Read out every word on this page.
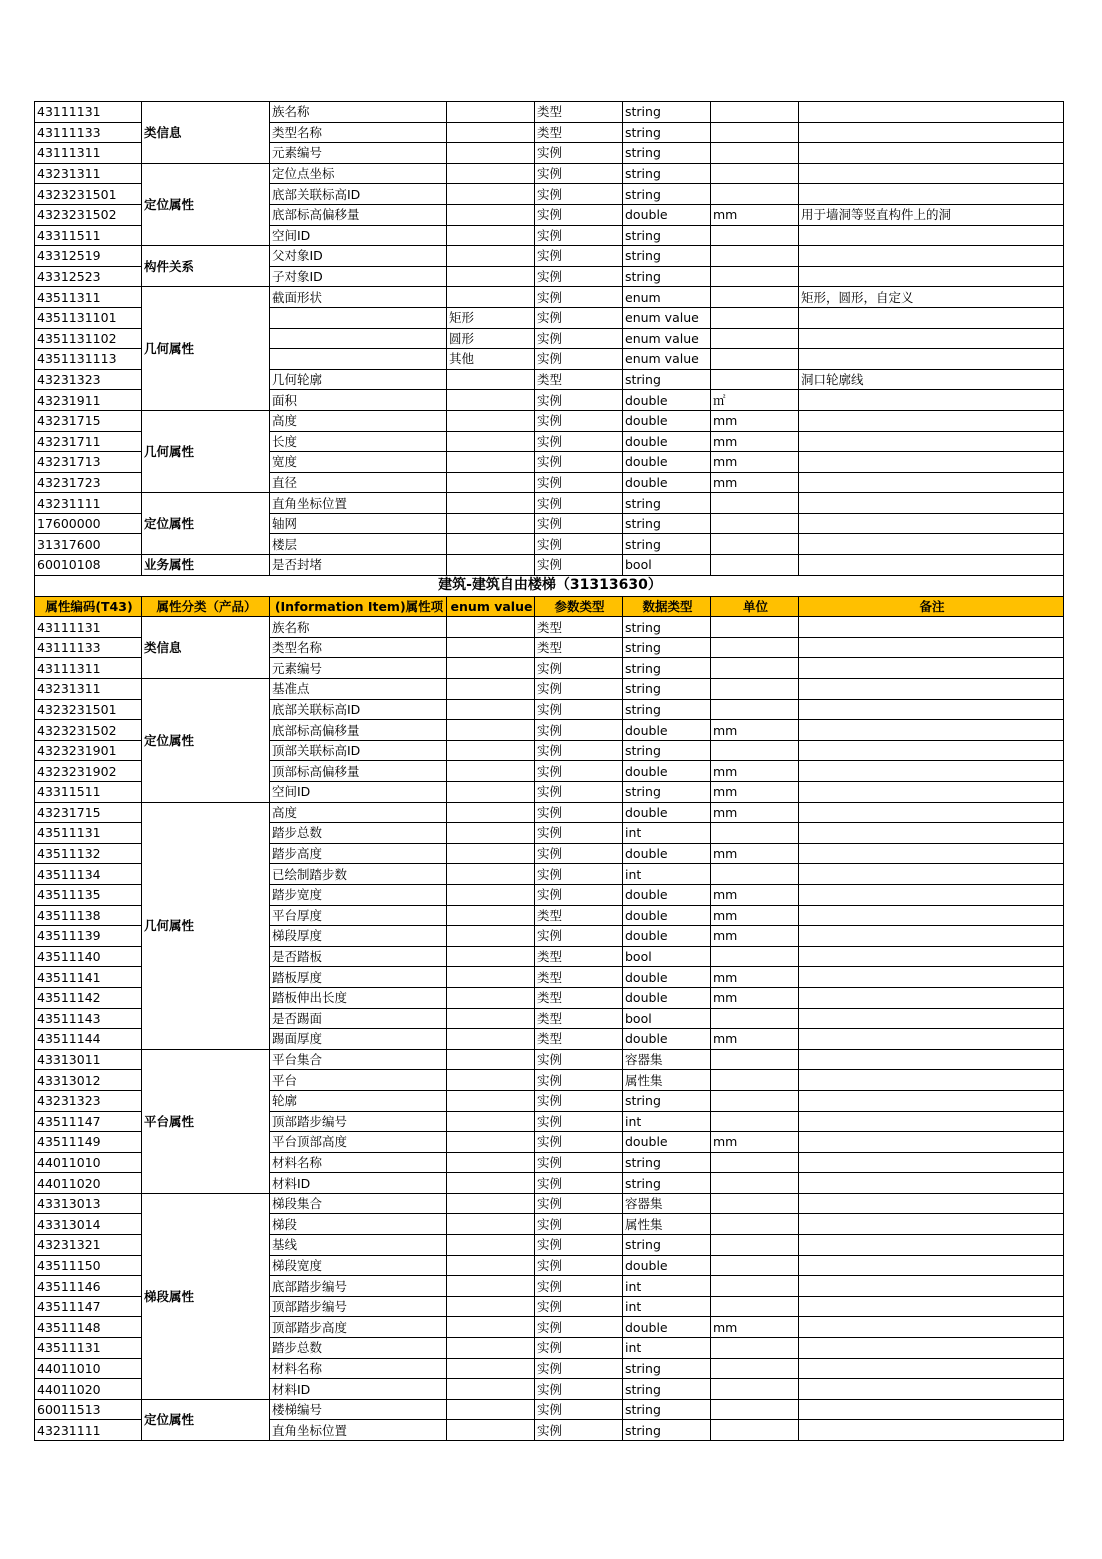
43111131	类信息	族名称		类型	string		
43111133		类型名称		类型	string		
43111311		元素编号		实例	string		
43231311	定位属性	定位点坐标		实例	string		
4323231501		底部关联标高ID		实例	string		
4323231502		底部标高偏移量		实例	double	mm	用于墙洞等竖直构件上的洞
43311511		空间ID		实例	string		
43312519	构件关系	父对象ID		实例	string		
43312523		子对象ID		实例	string		
43511311	几何属性	截面形状		实例	enum		矩形，圆形，自定义
4351131101			矩形	实例	enum value		
4351131102			圆形	实例	enum value		
4351131113			其他	实例	enum value		
43231323		几何轮廓		类型	string		洞口轮廓线
43231911		面积		实例	double	㎡	
43231715	几何属性	高度		实例	double	mm	
43231711		长度		实例	double	mm	
43231713		宽度		实例	double	mm	
43231723		直径		实例	double	mm	
43231111	定位属性	直角坐标位置		实例	string		
17600000		轴网		实例	string		
31317600		楼层		实例	string		
60010108	业务属性	是否封堵		实例	bool		
建筑-建筑自由楼梯（31313630）							
属性编码(T43)	属性分类（产品）	(Information Item)属性项	enum value	参数类型	数据类型	单位	备注
43111131	类信息	族名称		类型	string		
43111133		类型名称		类型	string		
43111311		元素编号		实例	string		
43231311	定位属性	基准点		实例	string		
4323231501		底部关联标高ID		实例	string		
4323231502		底部标高偏移量		实例	double	mm	
4323231901		顶部关联标高ID		实例	string		
4323231902		顶部标高偏移量		实例	double	mm	
43311511		空间ID		实例	string	mm	
43231715	几何属性	高度		实例	double	mm	
43511131		踏步总数		实例	int		
43511132		踏步高度		实例	double	mm	
43511134		已绘制踏步数		实例	int		
43511135		踏步宽度		实例	double	mm	
43511138		平台厚度		类型	double	mm	
43511139		梯段厚度		实例	double	mm	
43511140		是否踏板		类型	bool		
43511141		踏板厚度		类型	double	mm	
43511142		踏板伸出长度		类型	double	mm	
43511143		是否踢面		类型	bool		
43511144		踢面厚度		类型	double	mm	
43313011	平台属性	平台集合		实例	容器集		
43313012		平台		实例	属性集		
43231323		轮廓		实例	string		
43511147		顶部踏步编号		实例	int		
43511149		平台顶部高度		实例	double	mm	
44011010		材料名称		实例	string		
44011020		材料ID		实例	string		
43313013	梯段属性	梯段集合		实例	容器集		
43313014		梯段		实例	属性集		
43231321		基线		实例	string		
43511150		梯段宽度		实例	double		
43511146		底部踏步编号		实例	int		
43511147		顶部踏步编号		实例	int		
43511148		顶部踏步高度		实例	double	mm	
43511131		踏步总数		实例	int		
44011010		材料名称		实例	string		
44011020		材料ID		实例	string		
60011513	定位属性	楼梯编号		实例	string		
43231111		直角坐标位置		实例	string		
